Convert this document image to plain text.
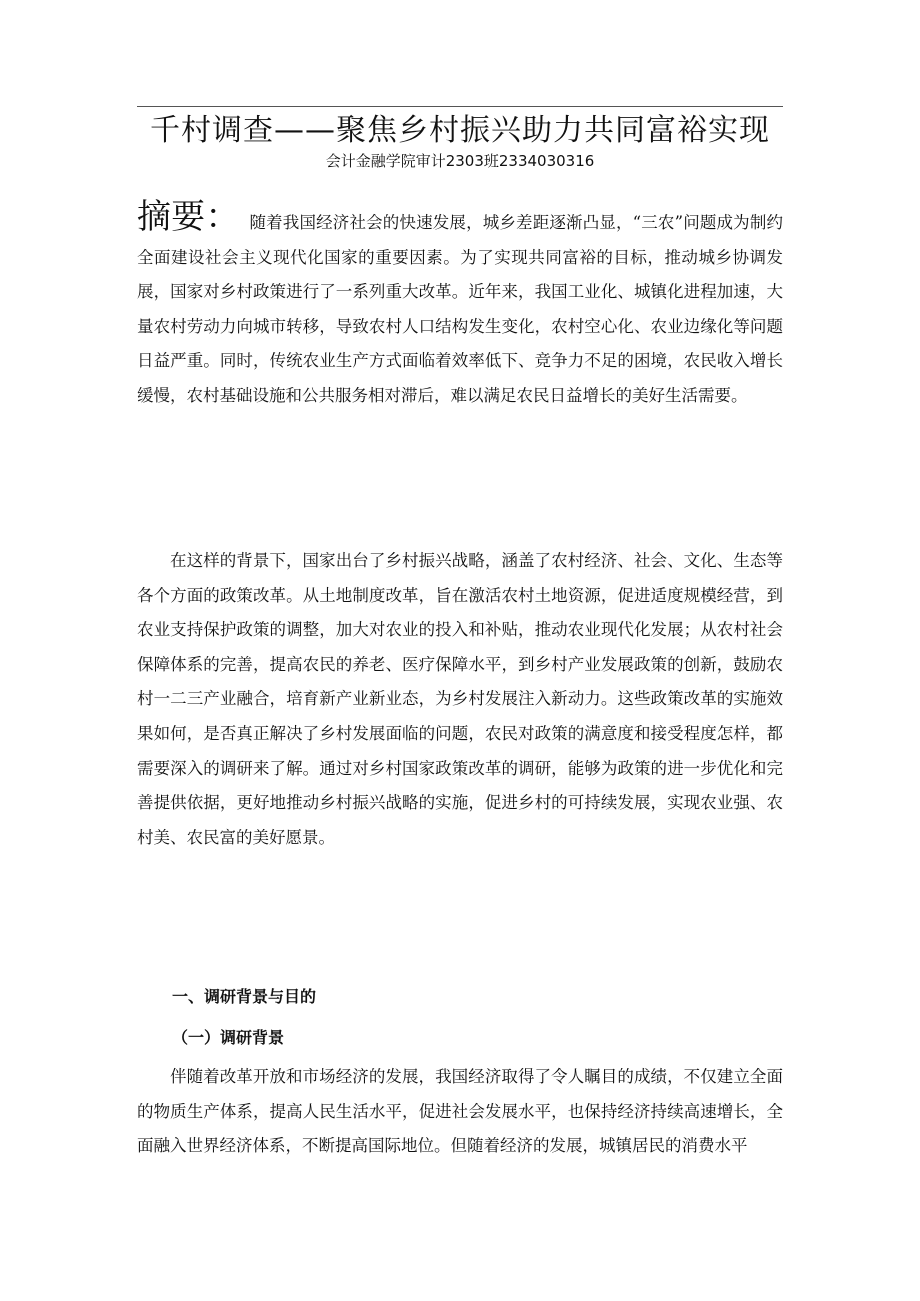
千村调查——聚焦乡村振兴助力共同富裕实现
会计金融学院审计2303班2334030316
摘要： 随着我国经济社会的快速发展，城乡差距逐渐凸显，“三农”问题成为制约全面建设社会主义现代化国家的重要因素。为了实现共同富裕的目标，推动城乡协调发展，国家对乡村政策进行了一系列重大改革。近年来，我国工业化、城镇化进程加速，大量农村劳动力向城市转移，导致农村人口结构发生变化，农村空心化、农业边缘化等问题日益严重。同时，传统农业生产方式面临着效率低下、竞争力不足的困境，农民收入增长缓慢，农村基础设施和公共服务相对滞后，难以满足农民日益增长的美好生活需要。
在这样的背景下，国家出台了乡村振兴战略，涵盖了农村经济、社会、文化、生态等各个方面的政策改革。从土地制度改革，旨在激活农村土地资源，促进适度规模经营，到农业支持保护政策的调整，加大对农业的投入和补贴，推动农业现代化发展；从农村社会保障体系的完善，提高农民的养老、医疗保障水平，到乡村产业发展政策的创新，鼓励农村一二三产业融合，培育新产业新业态，为乡村发展注入新动力。这些政策改革的实施效果如何，是否真正解决了乡村发展面临的问题，农民对政策的满意度和接受程度怎样，都需要深入的调研来了解。通过对乡村国家政策改革的调研，能够为政策的进一步优化和完善提供依据，更好地推动乡村振兴战略的实施，促进乡村的可持续发展，实现农业强、农村美、农民富的美好愿景。
一、调研背景与目的
（一）调研背景
伴随着改革开放和市场经济的发展，我国经济取得了令人瞩目的成绩，不仅建立全面的物质生产体系，提高人民生活水平，促进社会发展水平，也保持经济持续高速增长，全面融入世界经济体系，不断提高国际地位。但随着经济的发展，城镇居民的消费水平
